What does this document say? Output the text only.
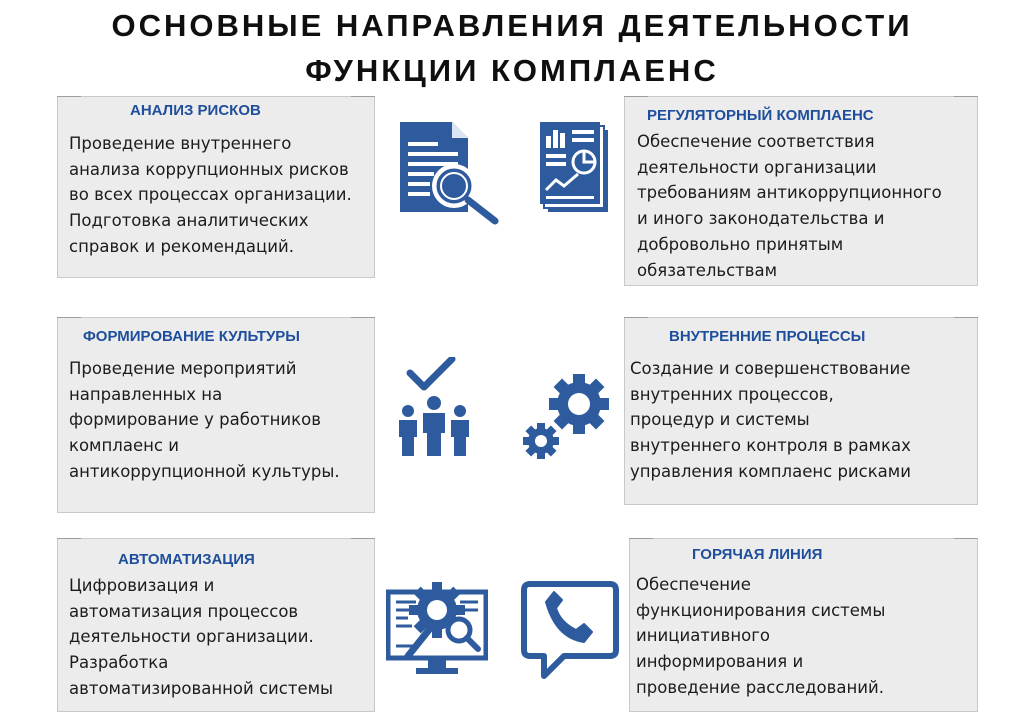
ОСНОВНЫЕ НАПРАВЛЕНИЯ ДЕЯТЕЛЬНОСТИ
ФУНКЦИИ КОМПЛАЕНС
АНАЛИЗ РИСКОВ
Проведение внутреннего
анализа коррупционных рисков
во всех процессах организации.
Подготовка аналитических
справок и рекомендаций.
РЕГУЛЯТОРНЫЙ КОМПЛАЕНС
Обеспечение соответствия
деятельности организации
требованиям антикоррупционного
и иного законодательства и
добровольно принятым
обязательствам
ФОРМИРОВАНИЕ КУЛЬТУРЫ
Проведение мероприятий
направленных на
формирование у работников
комплаенс и
антикоррупционной культуры.
ВНУТРЕННИЕ ПРОЦЕССЫ
Создание и совершенствование
внутренних процессов,
процедур и системы
внутреннего контроля в рамках
управления комплаенс рисками
АВТОМАТИЗАЦИЯ
Цифровизация и
автоматизация процессов
деятельности организации.
Разработка
автоматизированной системы
ГОРЯЧАЯ ЛИНИЯ
Обеспечение
функционирования системы
инициативного
информирования и
проведение расследований.
